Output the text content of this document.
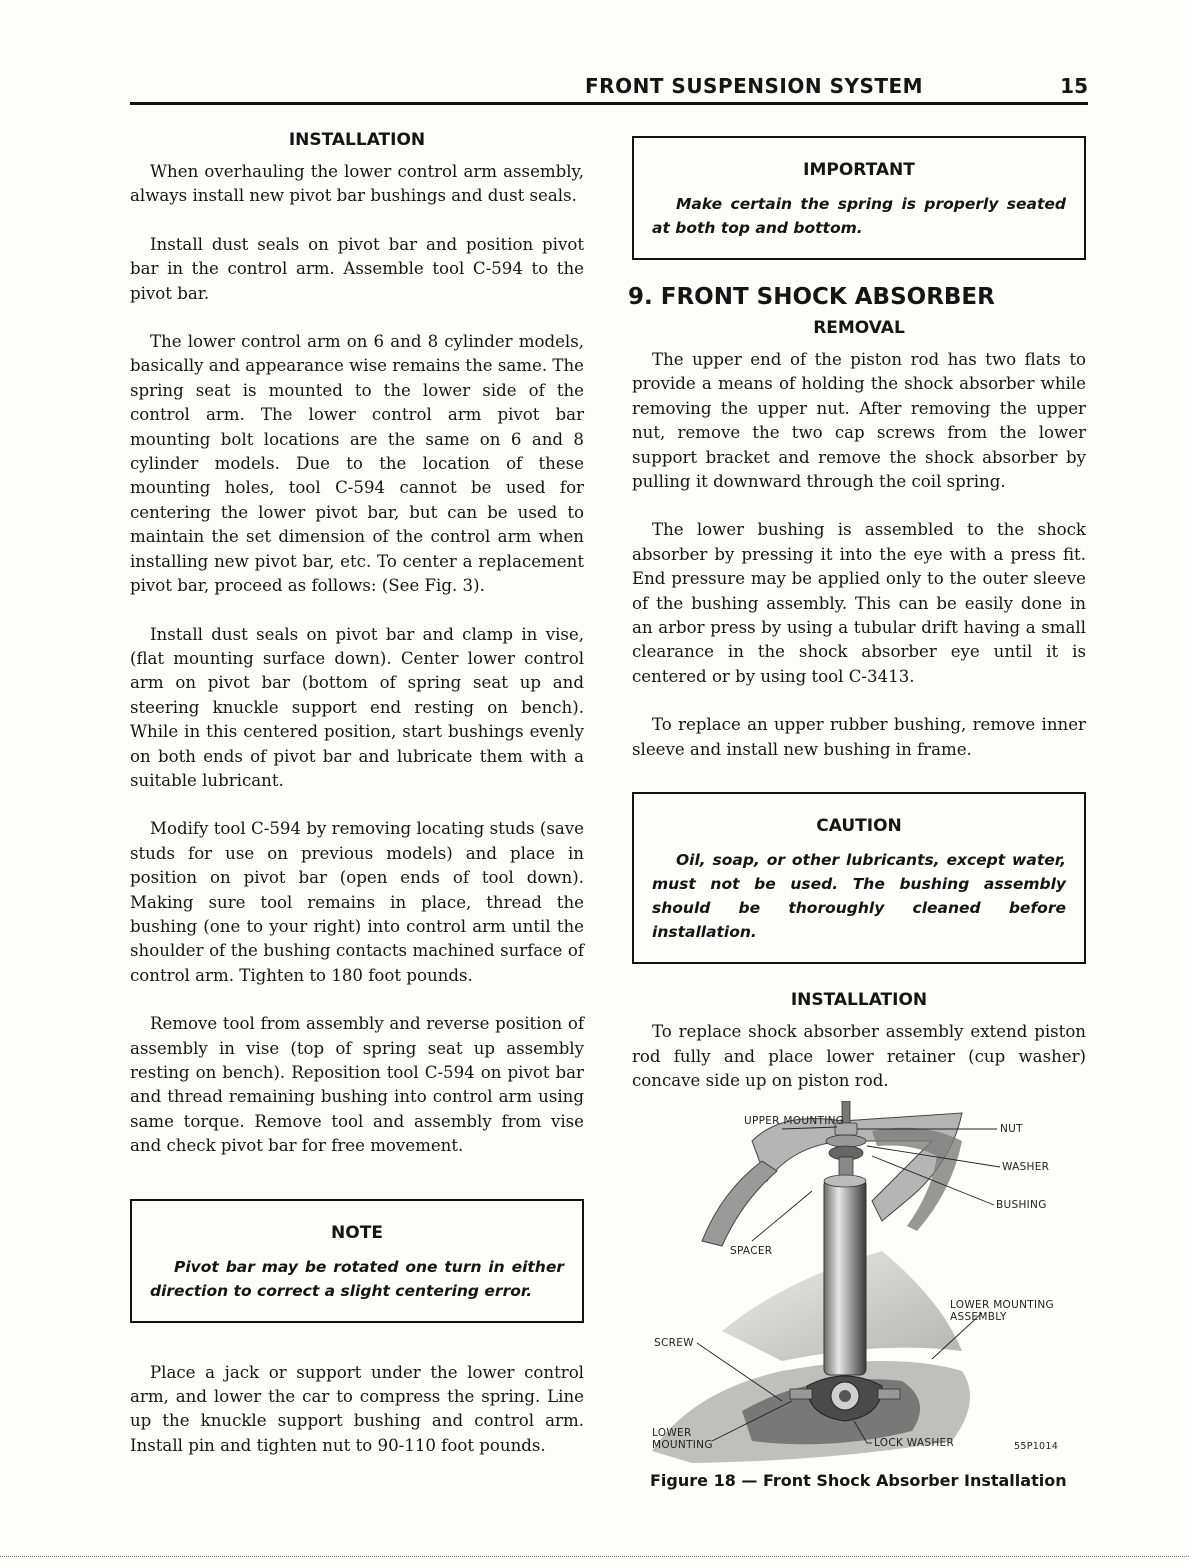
FRONT SUSPENSION SYSTEM	15
INSTALLATION

When overhauling the lower control arm assembly, always install new pivot bar bushings and dust seals.

Install dust seals on pivot bar and position pivot bar in the control arm. Assemble tool C-594 to the pivot bar.

The lower control arm on 6 and 8 cylinder models, basically and appearance wise remains the same. The spring seat is mounted to the lower side of the control arm. The lower control arm pivot bar mounting bolt locations are the same on 6 and 8 cylinder models. Due to the location of these mounting holes, tool C-594 cannot be used for centering the lower pivot bar, but can be used to maintain the set dimension of the control arm when installing new pivot bar, etc. To center a replacement pivot bar, proceed as follows: (See Fig. 3).

Install dust seals on pivot bar and clamp in vise, (flat mounting surface down). Center lower control arm on pivot bar (bottom of spring seat up and steering knuckle support end resting on bench). While in this centered position, start bushings evenly on both ends of pivot bar and lubricate them with a suitable lubricant.

Modify tool C-594 by removing locating studs (save studs for use on previous models) and place in position on pivot bar (open ends of tool down). Making sure tool remains in place, thread the bushing (one to your right) into control arm until the shoulder of the bushing contacts machined surface of control arm. Tighten to 180 foot pounds.

Remove tool from assembly and reverse position of assembly in vise (top of spring seat up assembly resting on bench). Reposition tool C-594 on pivot bar and thread remaining bushing into control arm using same torque. Remove tool and assembly from vise and check pivot bar for free movement.

NOTE

Pivot bar may be rotated one turn in either direction to correct a slight centering error.

Place a jack or support under the lower control arm, and lower the car to compress the spring. Line up the knuckle support bushing and control arm. Install pin and tighten nut to 90-110 foot pounds.

IMPORTANT

Make certain the spring is properly seated at both top and bottom.

9. FRONT SHOCK ABSORBER
REMOVAL

The upper end of the piston rod has two flats to provide a means of holding the shock absorber while removing the upper nut. After removing the upper nut, remove the two cap screws from the lower support bracket and remove the shock absorber by pulling it downward through the coil spring.

The lower bushing is assembled to the shock absorber by pressing it into the eye with a press fit. End pressure may be applied only to the outer sleeve of the bushing assembly. This can be easily done in an arbor press by using a tubular drift having a small clearance in the shock absorber eye until it is centered or by using tool C-3413.

To replace an upper rubber bushing, remove inner sleeve and install new bushing in frame.

CAUTION

Oil, soap, or other lubricants, except water, must not be used. The bushing assembly should be thoroughly cleaned before installation.

INSTALLATION

To replace shock absorber assembly extend piston rod fully and place lower retainer (cup washer) concave side up on piston rod.

UPPER MOUNTING
NUT
WASHER
BUSHING
SPACER
LOWER MOUNTING ASSEMBLY
SCREW
LOWER MOUNTING	LOCK WASHER	55P1014
Figure 18 — Front Shock Absorber Installation
